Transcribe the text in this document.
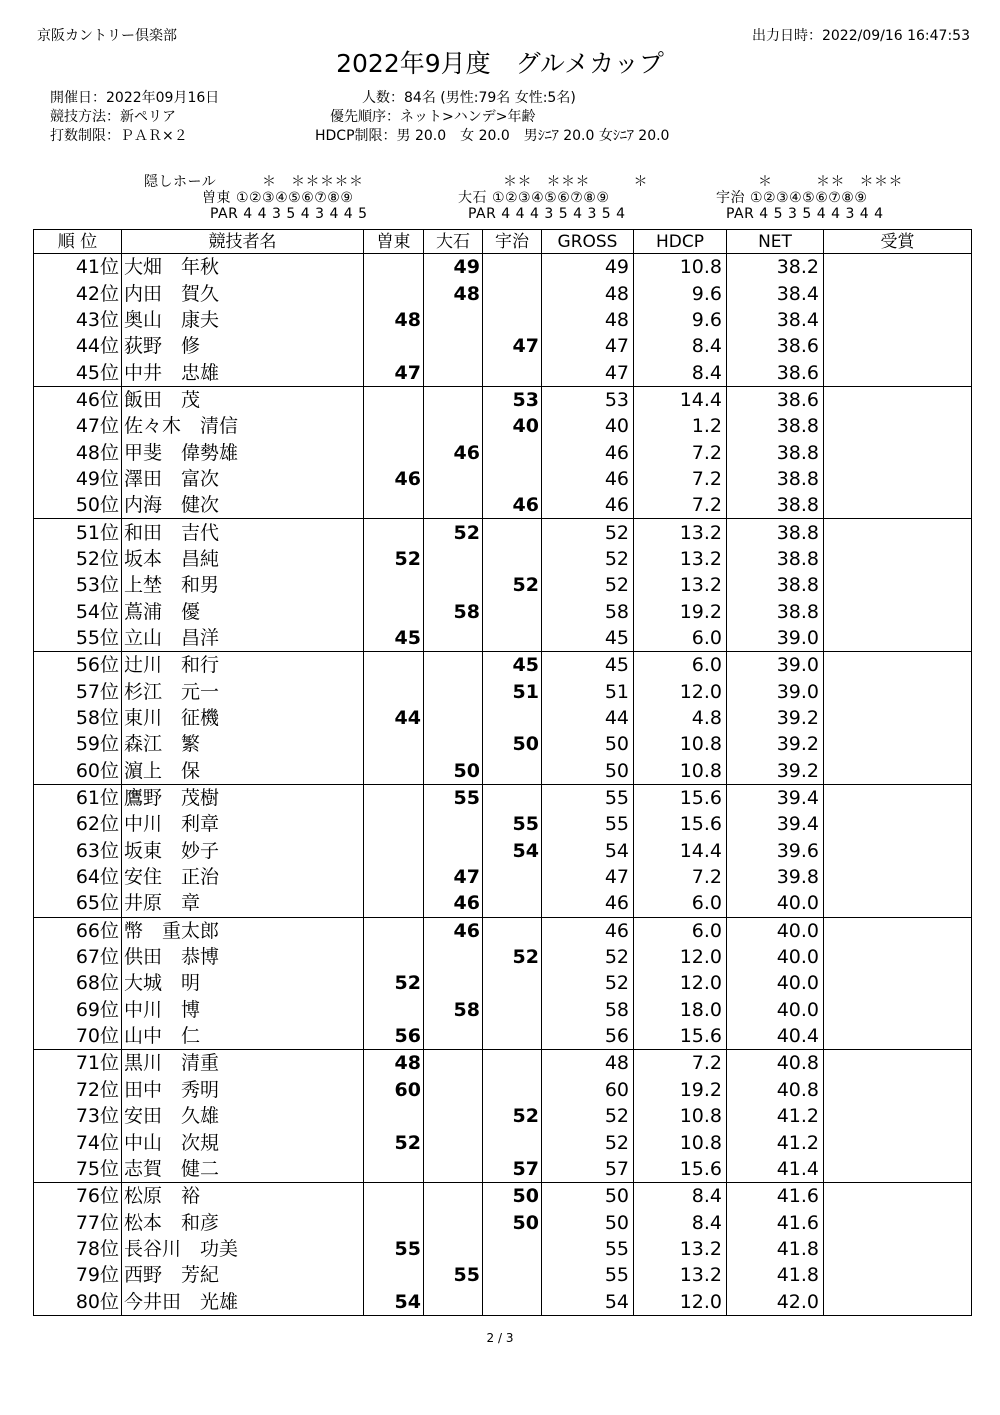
京阪カントリー倶楽部	出力日時：2022/09/16 16:47:53
2022年9月度　グルメカップ
開催日：2022年09月16日
競技方法：新ペリア
打数制限：ＰＡＲ×２
人数：84名 (男性:79名 女性:5名)
優先順序：ネット>ハンデ>年齢
HDCP制限：男 20.0　女 20.0　男ｼﾆｱ 20.0 女ｼﾆｱ 20.0
隠しホール	＊　＊＊＊＊＊	＊＊　＊＊＊　　　＊	＊　　　＊＊　＊＊＊
曽東 ①②③④⑤⑥⑦⑧⑨	大石 ①②③④⑤⑥⑦⑧⑨	宇治 ①②③④⑤⑥⑦⑧⑨
PAR 4 4 3 5 4 3 4 4 5	PAR 4 4 4 3 5 4 3 5 4	PAR 4 5 3 5 4 4 3 4 4
順 位	競技者名	曽東	大石	宇治	GROSS	HDCP	NET	受賞
41位	大畑　年秋		49		49	10.8	38.2	
42位	内田　賀久		48		48	9.6	38.4	
43位	奥山　康夫	48			48	9.6	38.4	
44位	荻野　修			47	47	8.4	38.6	
45位	中井　忠雄	47			47	8.4	38.6	
46位	飯田　茂			53	53	14.4	38.6	
47位	佐々木　清信			40	40	1.2	38.8	
48位	甲斐　偉勢雄		46		46	7.2	38.8	
49位	澤田　富次	46			46	7.2	38.8	
50位	内海　健次			46	46	7.2	38.8	
51位	和田　吉代		52		52	13.2	38.8	
52位	坂本　昌純	52			52	13.2	38.8	
53位	上埜　和男			52	52	13.2	38.8	
54位	蔦浦　優		58		58	19.2	38.8	
55位	立山　昌洋	45			45	6.0	39.0	
56位	辻川　和行			45	45	6.0	39.0	
57位	杉江　元一			51	51	12.0	39.0	
58位	東川　征機	44			44	4.8	39.2	
59位	森江　繁			50	50	10.8	39.2	
60位	濵上　保		50		50	10.8	39.2	
61位	鷹野　茂樹		55		55	15.6	39.4	
62位	中川　利章			55	55	15.6	39.4	
63位	坂東　妙子			54	54	14.4	39.6	
64位	安住　正治		47		47	7.2	39.8	
65位	井原　章		46		46	6.0	40.0	
66位	幣　重太郎		46		46	6.0	40.0	
67位	供田　恭博			52	52	12.0	40.0	
68位	大城　明	52			52	12.0	40.0	
69位	中川　博		58		58	18.0	40.0	
70位	山中　仁	56			56	15.6	40.4	
71位	黒川　清重	48			48	7.2	40.8	
72位	田中　秀明	60			60	19.2	40.8	
73位	安田　久雄			52	52	10.8	41.2	
74位	中山　次規	52			52	10.8	41.2	
75位	志賀　健二			57	57	15.6	41.4	
76位	松原　裕			50	50	8.4	41.6	
77位	松本　和彦			50	50	8.4	41.6	
78位	長谷川　功美	55			55	13.2	41.8	
79位	西野　芳紀		55		55	13.2	41.8	
80位	今井田　光雄	54			54	12.0	42.0	
2 / 3
